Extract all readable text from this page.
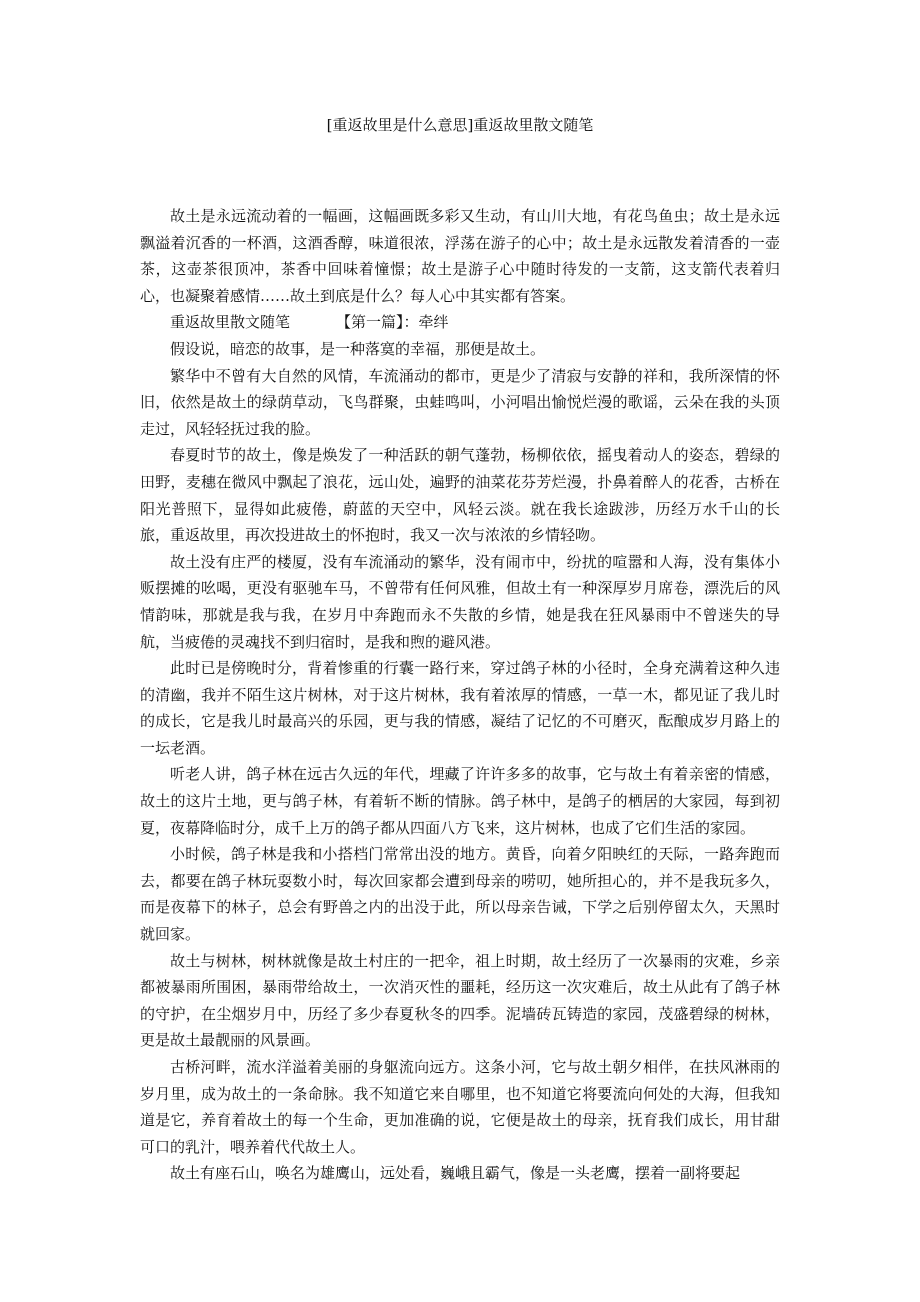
[重返故里是什么意思]重返故里散文随笔

故土是永远流动着的一幅画，这幅画既多彩又生动，有山川大地，有花鸟鱼虫；故土是永远飘溢着沉香的一杯酒，这酒香醇，味道很浓，浮荡在游子的心中；故土是永远散发着清香的一壶茶，这壶茶很顶冲，茶香中回味着憧憬；故土是游子心中随时待发的一支箭，这支箭代表着归心，也凝聚着感情……故土到底是什么？每人心中其实都有答案。

重返故里散文随笔	【第一篇】：牵绊

假设说，暗恋的故事，是一种落寞的幸福，那便是故土。

繁华中不曾有大自然的风情，车流涌动的都市，更是少了清寂与安静的祥和，我所深情的怀旧，依然是故土的绿荫草动，飞鸟群聚，虫蛙鸣叫，小河唱出愉悦烂漫的歌谣，云朵在我的头顶走过，风轻轻抚过我的脸。

春夏时节的故土，像是焕发了一种活跃的朝气蓬勃，杨柳依依，摇曳着动人的姿态，碧绿的田野，麦穗在微风中飘起了浪花，远山处，遍野的油菜花芬芳烂漫，扑鼻着醉人的花香，古桥在阳光普照下，显得如此疲倦，蔚蓝的天空中，风轻云淡。就在我长途跋涉，历经万水千山的长旅，重返故里，再次投进故土的怀抱时，我又一次与浓浓的乡情轻吻。

故土没有庄严的楼厦，没有车流涌动的繁华，没有闹市中，纷扰的喧嚣和人海，没有集体小贩摆摊的吆喝，更没有驱驰车马，不曾带有任何风雅，但故土有一种深厚岁月席卷，漂洗后的风情韵味，那就是我与我，在岁月中奔跑而永不失散的乡情，她是我在狂风暴雨中不曾迷失的导航，当疲倦的灵魂找不到归宿时，是我和煦的避风港。

此时已是傍晚时分，背着惨重的行囊一路行来，穿过鸽子林的小径时，全身充满着这种久违的清幽，我并不陌生这片树林，对于这片树林，我有着浓厚的情感，一草一木，都见证了我儿时的成长，它是我儿时最高兴的乐园，更与我的情感，凝结了记忆的不可磨灭，酝酿成岁月路上的一坛老酒。

听老人讲，鸽子林在远古久远的年代，埋藏了许许多多的故事，它与故土有着亲密的情感，故土的这片土地，更与鸽子林，有着斩不断的情脉。鸽子林中，是鸽子的栖居的大家园，每到初夏，夜幕降临时分，成千上万的鸽子都从四面八方飞来，这片树林，也成了它们生活的家园。

小时候，鸽子林是我和小搭档门常常出没的地方。黄昏，向着夕阳映红的天际，一路奔跑而去，都要在鸽子林玩耍数小时，每次回家都会遭到母亲的唠叨，她所担心的，并不是我玩多久，而是夜幕下的林子，总会有野兽之内的出没于此，所以母亲告诫，下学之后别停留太久，天黑时就回家。

故土与树林，树林就像是故土村庄的一把伞，祖上时期，故土经历了一次暴雨的灾难，乡亲都被暴雨所围困，暴雨带给故土，一次消灭性的噩耗，经历这一次灾难后，故土从此有了鸽子林的守护，在尘烟岁月中，历经了多少春夏秋冬的四季。泥墙砖瓦铸造的家园，茂盛碧绿的树林，更是故土最靓丽的风景画。

古桥河畔，流水洋溢着美丽的身躯流向远方。这条小河，它与故土朝夕相伴，在扶风淋雨的岁月里，成为故土的一条命脉。我不知道它来自哪里，也不知道它将要流向何处的大海，但我知道是它，养育着故土的每一个生命，更加准确的说，它便是故土的母亲，抚育我们成长，用甘甜可口的乳汁，喂养着代代故土人。

故土有座石山，唤名为雄鹰山，远处看，巍峨且霸气，像是一头老鹰，摆着一副将要起
